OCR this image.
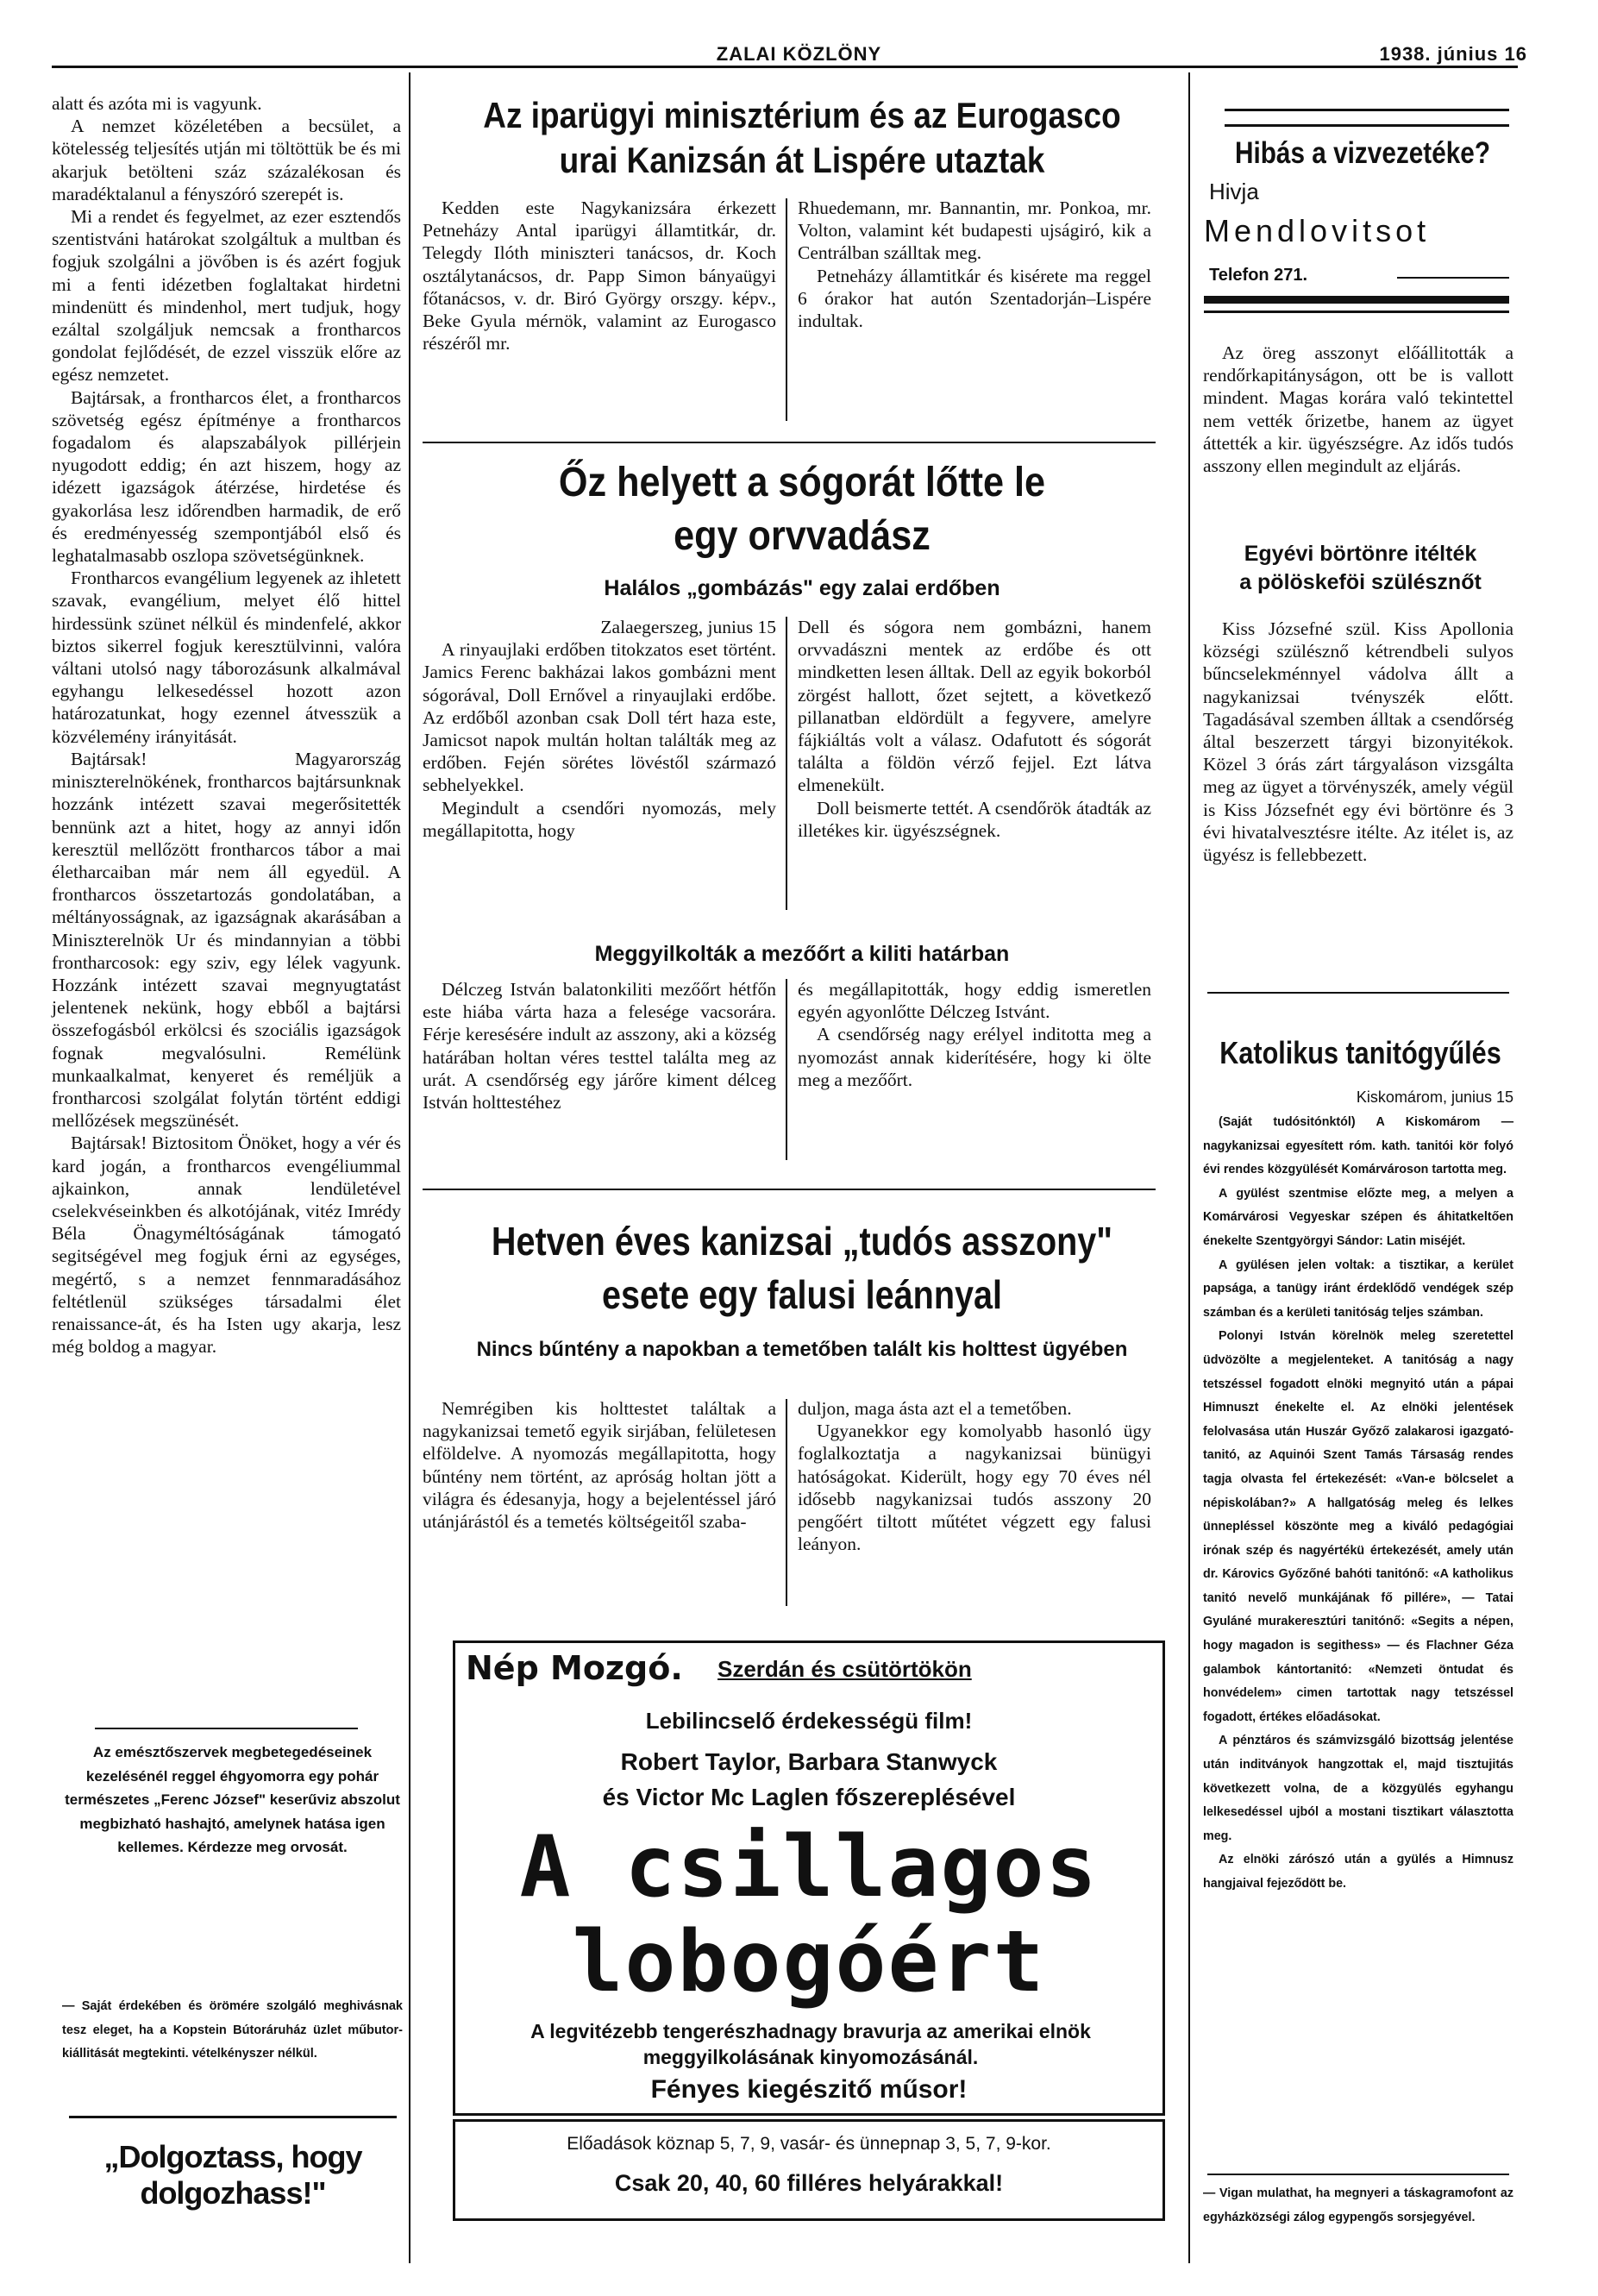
ZALAI KÖZLÖNY	1938. június 16

alatt és azóta mi is vagyunk.

A nemzet közéletében a becsület, a kötelesség teljesítés utján mi töltöttük be és mi akarjuk betölteni száz százalékosan és maradéktalanul a fényszóró szerepét is.

Mi a rendet és fegyelmet, az ezer esztendős szentistváni határokat szolgáltuk a multban és fogjuk szolgálni a jövőben is és azért fogjuk mi a fenti idézetben foglaltakat hirdetni mindenütt és mindenhol, mert tudjuk, hogy ezáltal szolgáljuk nemcsak a frontharcos gondolat fejlődését, de ezzel visszük előre az egész nemzetet.

Bajtársak, a frontharcos élet, a frontharcos szövetség egész építménye a frontharcos fogadalom és alapszabályok pillérjein nyugodott eddig; én azt hiszem, hogy az idézett igazságok átérzése, hirdetése és gyakorlása lesz időrendben harmadik, de erő és eredményesség szempontjából első és leghatalmasabb oszlopa szövetségünknek.

Frontharcos evangélium legyenek az ihletett szavak, evangélium, melyet élő hittel hirdessünk szünet nélkül és mindenfelé, akkor biztos sikerrel fogjuk keresztülvinni, valóra váltani utolsó nagy táborozásunk alkalmával egyhangu lelkesedéssel hozott azon határozatunkat, hogy ezennel átvesszük a közvélemény irányitását.

Bajtársak! Magyarország miniszterelnökének, frontharcos bajtársunknak hozzánk intézett szavai megerősitették bennünk azt a hitet, hogy az annyi időn keresztül mellőzött frontharcos tábor a mai életharcaiban már nem áll egyedül. A frontharcos összetartozás gondolatában, a méltányosságnak, az igazságnak akarásában a Miniszterelnök Ur és mindannyian a többi frontharcosok: egy sziv, egy lélek vagyunk. Hozzánk intézett szavai megnyugtatást jelentenek nekünk, hogy ebből a bajtársi összefogásból erkölcsi és szociális igazságok fognak megvalósulni. Remélünk munkaalkalmat, kenyeret és reméljük a frontharcosi szolgálat folytán történt eddigi mellőzések megszünését.

Bajtársak! Biztositom Önöket, hogy a vér és kard jogán, a frontharcos evengéliummal ajkainkon, annak lendületével cselekvéseinkben és alkotójának, vitéz Imrédy Béla Önagyméltóságának támogató segitségével meg fogjuk érni az egységes, megértő, s a nemzet fennmaradásához feltétlenül szükséges társadalmi élet renaissance-át, és ha Isten ugy akarja, lesz még boldog a magyar.

Az emésztőszervek megbetegedéseinek kezelésénél reggel éhgyomorra egy pohár természetes „Ferenc József" keserűviz abszolut megbizható hashajtó, amelynek hatása igen kellemes. Kérdezze meg orvosát.
— Saját érdekében és örömére szolgáló meghivásnak tesz eleget, ha a Kopstein Bútoráruház üzlet műbutor-kiállitását megtekinti. vételkényszer nélkül.
„Dolgoztass, hogy dolgozhass!"
Az iparügyi minisztérium és az Eurogasco
urai Kanizsán át Lispére utaztak

Kedden este Nagykanizsára érkezett Petneházy Antal iparügyi államtitkár, dr. Telegdy Ilóth miniszteri tanácsos, dr. Koch osztálytanácsos, dr. Papp Simon bányaügyi főtanácsos, v. dr. Biró György orszgy. képv., Beke Gyula mérnök, valamint az Eurogasco részéről mr.

Rhuedemann, mr. Bannantin, mr. Ponkoa, mr. Volton, valamint két budapesti ujságiró, kik a Centrálban szálltak meg.

Petneházy államtitkár és kisérete ma reggel 6 órakor hat autón Szentadorján–Lispére indultak.

Őz helyett a sógorát lőtte le
egy orvvadász
Halálos „gombázás" egy zalai erdőben

Zalaegerszeg, junius 15

A rinyaujlaki erdőben titokzatos eset történt. Jamics Ferenc bakházai lakos gombázni ment sógorával, Doll Ernővel a rinyaujlaki erdőbe. Az erdőből azonban csak Doll tért haza este, Jamicsot napok multán holtan találták meg az erdőben. Fején sörétes lövéstől származó sebhelyekkel.

Megindult a csendőri nyomozás, mely megállapitotta, hogy

Dell és sógora nem gombázni, hanem orvvadászni mentek az erdőbe és ott mindketten lesen álltak. Dell az egyik bokorból zörgést hallott, őzet sejtett, a következő pillanatban eldördült a fegyvere, amelyre fájkiáltás volt a válasz. Odafutott és sógorát találta a földön vérző fejjel. Ezt látva elmenekült.

Doll beismerte tettét. A csendőrök átadták az illetékes kir. ügyészségnek.

Meggyilkolták a mezőőrt a kiliti határban

Délczeg István balatonkiliti mezőőrt hétfőn este hiába várta haza a felesége vacsorára. Férje keresésére indult az asszony, aki a község határában holtan véres testtel találta meg az urát. A csendőrség egy járőre kiment délceg István holttestéhez

és megállapitották, hogy eddig ismeretlen egyén agyonlőtte Délczeg Istvánt.

A csendőrség nagy erélyel inditotta meg a nyomozást annak kiderítésére, hogy ki ölte meg a mezőőrt.

Hetven éves kanizsai „tudós asszony"
esete egy falusi leánnyal
Nincs bűntény a napokban a temetőben talált kis holttest ügyében

Nemrégiben kis holttestet találtak a nagykanizsai temető egyik sirjában, felületesen elföldelve. A nyomozás megállapitotta, hogy bűntény nem történt, az apróság holtan jött a világra és édesanyja, hogy a bejelentéssel járó utánjárástól és a temetés költségeitől szaba-

duljon, maga ásta azt el a temetőben.

Ugyanekkor egy komolyabb hasonló ügy foglalkoztatja a nagykanizsai bünügyi hatóságokat. Kiderült, hogy egy 70 éves nél idősebb nagykanizsai tudós asszony 20 pengőért tiltott műtétet végzett egy falusi leányon.

Nép Mozgó. Szerdán és csütörtökön
Lebilincselő érdekességü film!
Robert Taylor, Barbara Stanwyck
és Victor Mc Laglen főszereplésével
A csillagos
lobogóért
A legvitézebb tengerészhadnagy bravurja az amerikai elnök meggyilkolásának kinyomozásánál.
Fényes kiegészitő műsor!
Előadások köznap 5, 7, 9, vasár- és ünnepnap 3, 5, 7, 9-kor.
Csak 20, 40, 60 filléres helyárakkal!
Hibás a vizvezetéke?
Hivja
Mendlovitsot
Telefon 271.

Az öreg asszonyt előállitották a rendőrkapitányságon, ott be is vallott mindent. Magas korára való tekintettel nem vették őrizetbe, hanem az ügyet áttették a kir. ügyészségre. Az idős tudós asszony ellen megindult az eljárás.

Egyévi börtönre itélték
a pölöskeföi szülésznőt

Kiss Józsefné szül. Kiss Apollonia községi szülésznő kétrendbeli sulyos bűncselekménnyel vádolva állt a nagykanizsai tvényszék előtt. Tagadásával szemben álltak a csendőrség által beszerzett tárgyi bizonyitékok. Közel 3 órás zárt tárgyaláson vizsgálta meg az ügyet a törvényszék, amely végül is Kiss Józsefnét egy évi börtönre és 3 évi hivatalvesztésre itélte. Az itélet is, az ügyész is fellebbezett.

Katolikus tanitógyűlés
Kiskomárom, junius 15

(Saját tudósitónktól) A Kiskomárom —nagykanizsai egyesített róm. kath. tanitói kör folyó évi rendes közgyülését Komárvároson tartotta meg.

A gyülést szentmise előzte meg, a melyen a Komárvárosi Vegyeskar szépen és áhitatkeltően énekelte Szentgyörgyi Sándor: Latin miséjét.

A gyülésen jelen voltak: a tisztikar, a kerület papsága, a tanügy iránt érdeklődő vendégek szép számban és a kerületi tanitóság teljes számban.

Polonyi István körelnök meleg szeretettel üdvözölte a megjelenteket. A tanitóság a nagy tetszéssel fogadott elnöki megnyitó után a pápai Himnuszt énekelte el. Az elnöki jelentések felolvasása után Huszár Győző zalakarosi igazgató-tanitó, az Aquinói Szent Tamás Társaság rendes tagja olvasta fel értekezését: «Van-e bölcselet a népiskolában?» A hallgatóság meleg és lelkes ünnepléssel köszönte meg a kiváló pedagógiai irónak szép és nagyértékü értekezését, amely után dr. Károvics Győzőné bahóti tanitónő: «A katholikus tanitó nevelő munkájának fő pillére», — Tatai Gyuláné murakeresztúri tanitónő: «Segits a népen, hogy magadon is segithess» — és Flachner Géza galambok kántortanitó: «Nemzeti öntudat és honvédelem» cimen tartottak nagy tetszéssel fogadott, értékes előadásokat.

A pénztáros és számvizsgáló bizottság jelentése után inditványok hangzottak el, majd tisztujitás következett volna, de a közgyülés egyhangu lelkesedéssel ujból a mostani tisztikart választotta meg.

Az elnöki zárószó után a gyülés a Himnusz hangjaival fejeződött be.

— Vigan mulathat, ha megnyeri a táskagramofont az egyházközségi zálog egypengős sorsjegyével.
